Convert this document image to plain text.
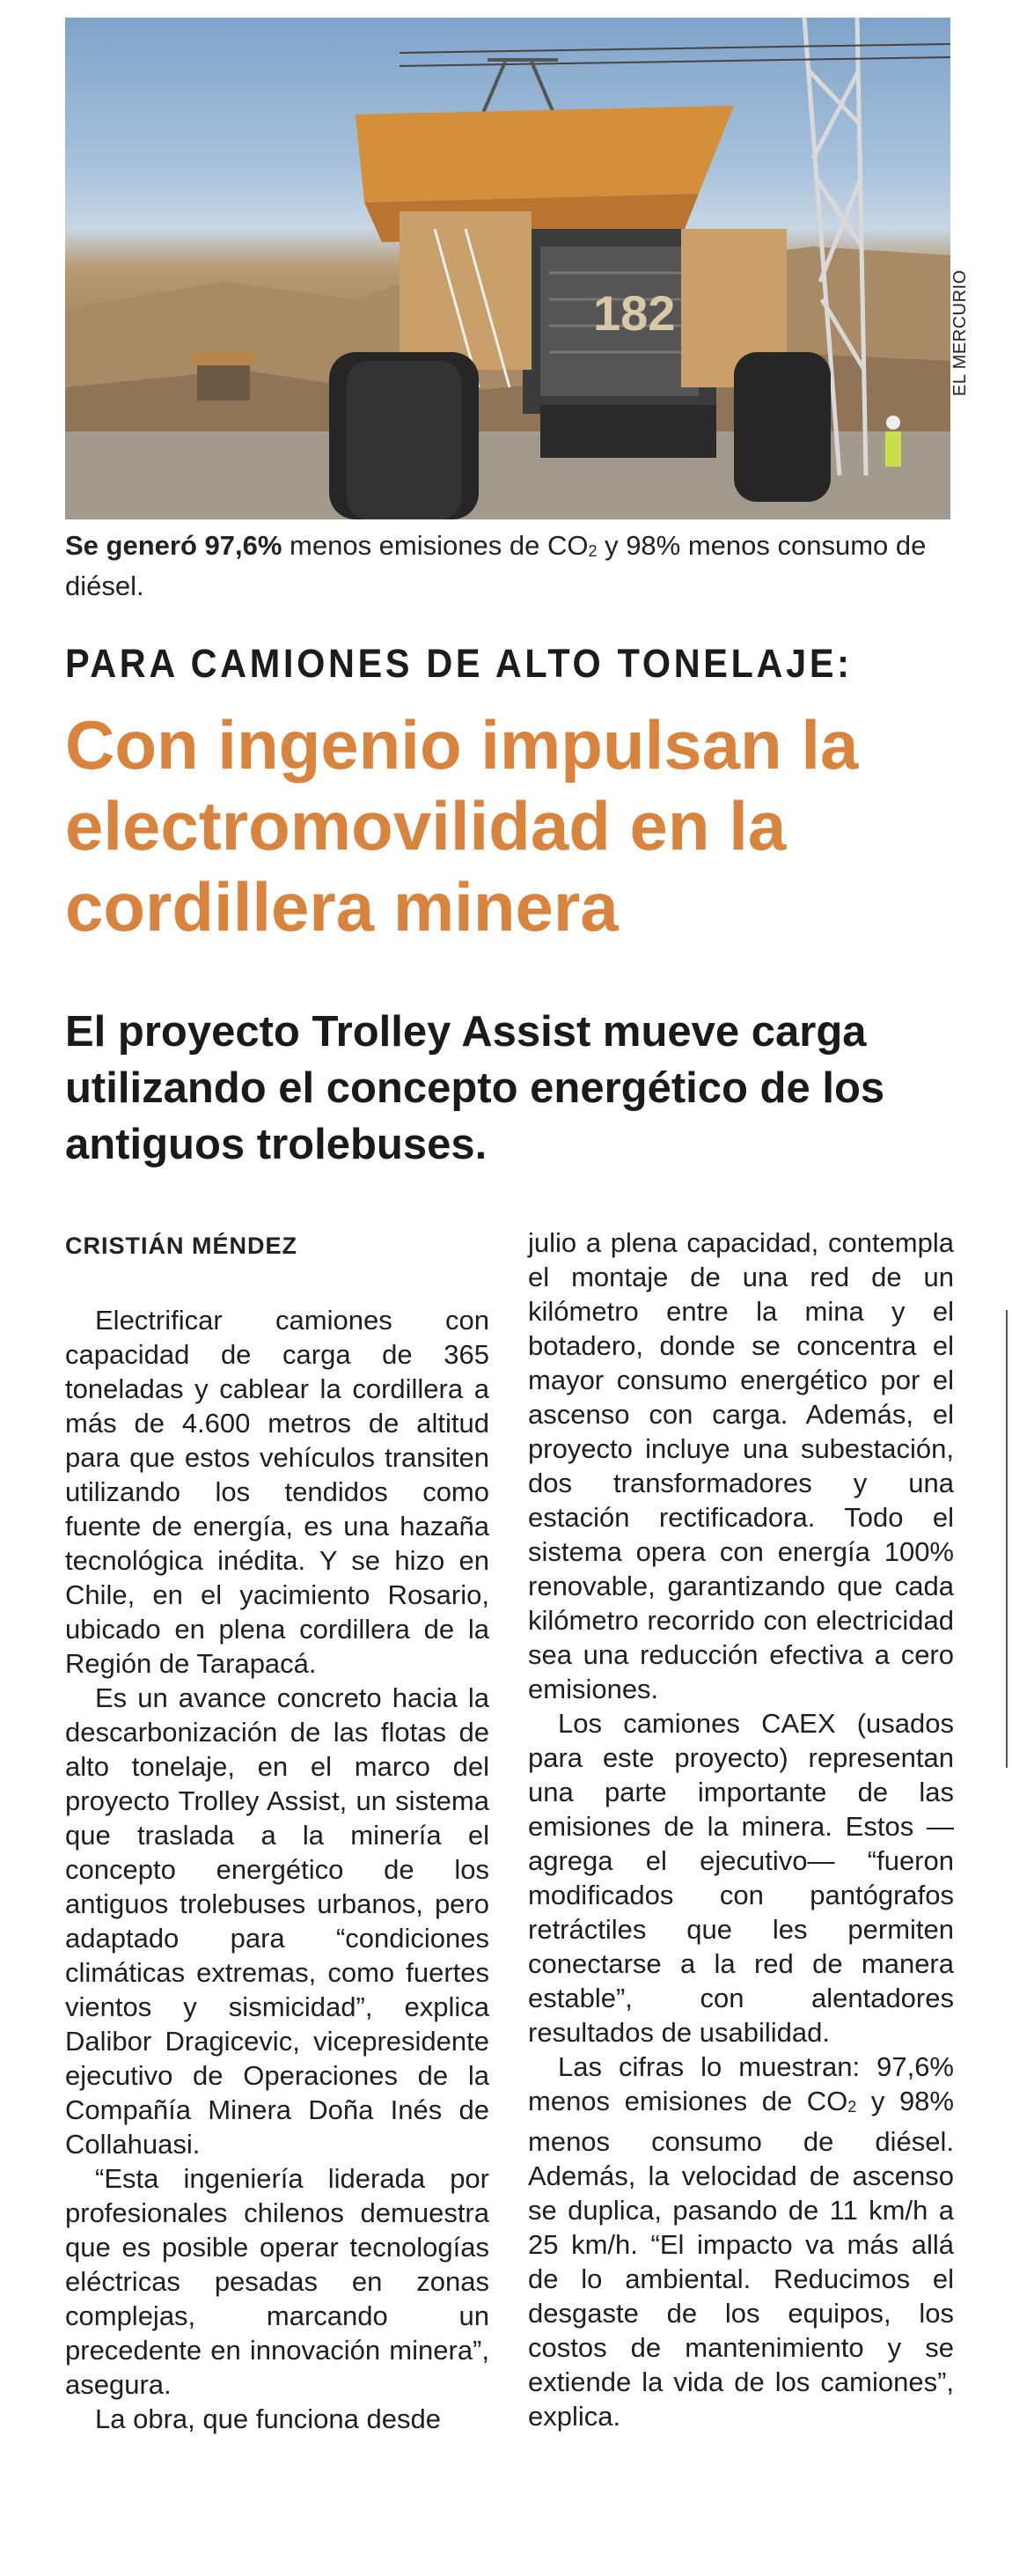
182	EL MERCURIO
Se generó 97,6% menos emisiones de $CO_2$ y 98% menos consumo de diésel.
PARA CAMIONES DE ALTO TONELAJE:
Con ingenio impulsan la electromovilidad en la cordillera minera
El proyecto Trolley Assist mueve carga utilizando el concepto energético de los antiguos trolebuses.
CRISTIÁN MÉNDEZ

Electrificar camiones con capacidad de carga de 365 toneladas y cablear la cordillera a más de 4.600 metros de altitud para que estos vehículos transiten utilizando los tendidos como fuente de energía, es una hazaña tecnológica inédita. Y se hizo en Chile, en el yacimiento Rosario, ubicado en plena cordillera de la Región de Tarapacá.

Es un avance concreto hacia la descarbonización de las flotas de alto tonelaje, en el marco del proyecto Trolley Assist, un sistema que traslada a la minería el concepto energético de los antiguos trolebuses urbanos, pero adaptado para “condiciones climáticas extremas, como fuertes vientos y sismicidad”, explica Dalibor Dragicevic, vicepresidente ejecutivo de Operaciones de la Compañía Minera Doña Inés de Collahuasi.

“Esta ingeniería liderada por profesionales chilenos demuestra que es posible operar tecnologías eléctricas pesadas en zonas complejas, marcando un precedente en innovación minera”, asegura.

La obra, que funciona desde

julio a plena capacidad, contempla el montaje de una red de un kilómetro entre la mina y el botadero, donde se concentra el mayor consumo energético por el ascenso con carga. Además, el proyecto incluye una subestación, dos transformadores y una estación rectificadora. Todo el sistema opera con energía 100% renovable, garantizando que cada kilómetro recorrido con electricidad sea una reducción efectiva a cero emisiones.

Los camiones CAEX (usados para este proyecto) representan una parte importante de las emisiones de la minera. Estos —agrega el ejecutivo— “fueron modificados con pantógrafos retráctiles que les permiten conectarse a la red de manera estable”, con alentadores resultados de usabilidad.

Las cifras lo muestran: 97,6% menos emisiones de $CO_2$ y 98% menos consumo de diésel. Además, la velocidad de ascenso se duplica, pasando de 11 km/h a 25 km/h. “El impacto va más allá de lo ambiental. Reducimos el desgaste de los equipos, los costos de mantenimiento y se extiende la vida de los camiones”, explica.
